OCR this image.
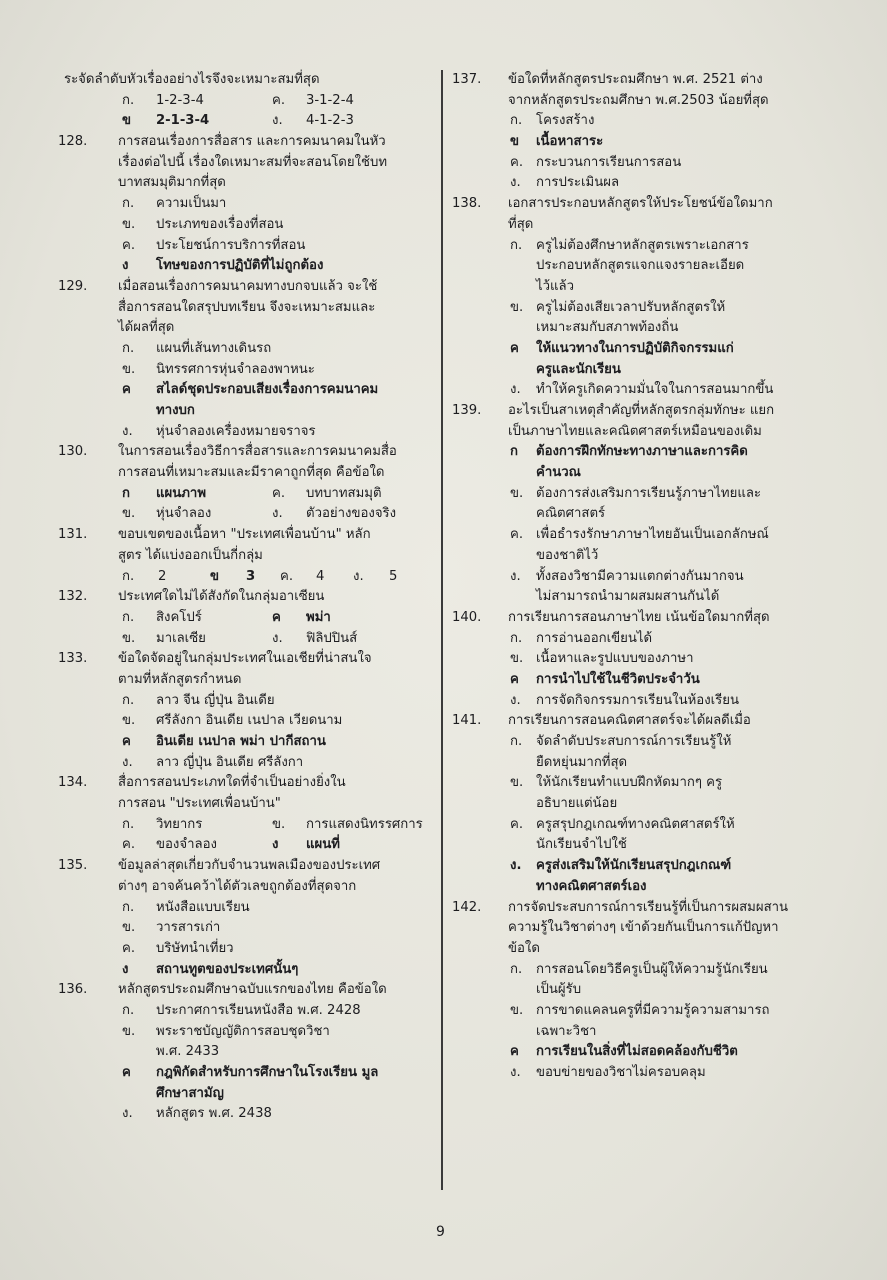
ระจัดลำดับหัวเรื่องอย่างไรจึงจะเหมาะสมที่สุด
ก. 1-2-3-4	ค. 3-1-2-4
ข 2-1-3-4	ง. 4-1-2-3
128. การสอนเรื่องการสื่อสาร และการคมนาคมในหัว
เรื่องต่อไปนี้ เรื่องใดเหมาะสมที่จะสอนโดยใช้บท
บาทสมมุติมากที่สุด
ก. ความเป็นมา
ข. ประเภทของเรื่องที่สอน
ค. ประโยชน์การบริการที่สอน
ง โทษของการปฏิบัติที่ไม่ถูกต้อง
129. เมื่อสอนเรื่องการคมนาคมทางบกจบแล้ว จะใช้
สื่อการสอนใดสรุปบทเรียน จึงจะเหมาะสมและ
ได้ผลที่สุด
ก. แผนที่เส้นทางเดินรถ
ข. นิทรรศการหุ่นจำลองพาหนะ
ค สไลด์ชุดประกอบเสียงเรื่องการคมนาคม
ทางบก
ง. หุ่นจำลองเครื่องหมายจราจร
130. ในการสอนเรื่องวิธีการสื่อสารและการคมนาคมสื่อ
การสอนที่เหมาะสมและมีราคาถูกที่สุด คือข้อใด
ก แผนภาพ	ค. บทบาทสมมุติ
ข. หุ่นจำลอง	ง. ตัวอย่างของจริง
131. ขอบเขตของเนื้อหา "ประเทศเพื่อนบ้าน" หลัก
สูตร ได้แบ่งออกเป็นกี่กลุ่ม
ก. 2	ข 3 ค. 4 ง. 5
132. ประเทศใดไม่ได้สังกัดในกลุ่มอาเซียน
ก. สิงคโปร์	ค พม่า
ข. มาเลเซีย	ง. ฟิลิปปินส์
133. ข้อใดจัดอยู่ในกลุ่มประเทศในเอเชียที่น่าสนใจ
ตามที่หลักสูตรกำหนด
ก. ลาว จีน ญี่ปุ่น อินเดีย
ข. ศรีลังกา อินเดีย เนปาล เวียดนาม
ค อินเดีย เนปาล พม่า ปากีสถาน
ง. ลาว ญี่ปุ่น อินเดีย ศรีลังกา
134. สื่อการสอนประเภทใดที่จำเป็นอย่างยิ่งใน
การสอน "ประเทศเพื่อนบ้าน"
ก. วิทยากร	ข. การแสดงนิทรรศการ
ค. ของจำลอง	ง แผนที่
135. ข้อมูลล่าสุดเกี่ยวกับจำนวนพลเมืองของประเทศ
ต่างๆ อาจค้นคว้าได้ตัวเลขถูกต้องที่สุดจาก
ก. หนังสือแบบเรียน
ข. วารสารเก่า
ค. บริษัทนำเที่ยว
ง สถานทูตของประเทศนั้นๆ
136. หลักสูตรประถมศึกษาฉบับแรกของไทย คือข้อใด
ก. ประกาศการเรียนหนังสือ พ.ศ. 2428
ข. พระราชบัญญัติการสอบชุดวิชา
พ.ศ. 2433
ค กฎพิกัดสำหรับการศึกษาในโรงเรียน มูล
ศึกษาสามัญ
ง. หลักสูตร พ.ศ. 2438
137. ข้อใดที่หลักสูตรประถมศึกษา พ.ศ. 2521 ต่าง
จากหลักสูตรประถมศึกษา พ.ศ.2503 น้อยที่สุด
ก. โครงสร้าง
ข เนื้อหาสาระ
ค. กระบวนการเรียนการสอน
ง. การประเมินผล
138. เอกสารประกอบหลักสูตรให้ประโยชน์ข้อใดมาก
ที่สุด
ก. ครูไม่ต้องศึกษาหลักสูตรเพราะเอกสาร
ประกอบหลักสูตรแจกแจงรายละเอียด
ไว้แล้ว
ข. ครูไม่ต้องเสียเวลาปรับหลักสูตรให้
เหมาะสมกับสภาพท้องถิ่น
ค ให้แนวทางในการปฏิบัติกิจกรรมแก่
ครูและนักเรียน
ง. ทำให้ครูเกิดความมั่นใจในการสอนมากขึ้น
139. อะไรเป็นสาเหตุสำคัญที่หลักสูตรกลุ่มทักษะ แยก
เป็นภาษาไทยและคณิตศาสตร์เหมือนของเดิม
ก ต้องการฝึกทักษะทางภาษาและการคิด
คำนวณ
ข. ต้องการส่งเสริมการเรียนรู้ภาษาไทยและ
คณิตศาสตร์
ค. เพื่อธำรงรักษาภาษาไทยอันเป็นเอกลักษณ์
ของชาติไว้
ง. ทั้งสองวิชามีความแตกต่างกันมากจน
ไม่สามารถนำมาผสมผสานกันได้
140. การเรียนการสอนภาษาไทย เน้นข้อใดมากที่สุด
ก. การอ่านออกเขียนได้
ข. เนื้อหาและรูปแบบของภาษา
ค การนำไปใช้ในชีวิตประจำวัน
ง. การจัดกิจกรรมการเรียนในห้องเรียน
141. การเรียนการสอนคณิตศาสตร์จะได้ผลดีเมื่อ
ก. จัดลำดับประสบการณ์การเรียนรู้ให้
ยืดหยุ่นมากที่สุด
ข. ให้นักเรียนทำแบบฝึกหัดมากๆ ครู
อธิบายแต่น้อย
ค. ครูสรุปกฎเกณฑ์ทางคณิตศาสตร์ให้
นักเรียนจำไปใช้
ง. ครูส่งเสริมให้นักเรียนสรุปกฎเกณฑ์
ทางคณิตศาสตร์เอง
142. การจัดประสบการณ์การเรียนรู้ที่เป็นการผสมผสาน
ความรู้ในวิชาต่างๆ เข้าด้วยกันเป็นการแก้ปัญหา
ข้อใด
ก. การสอนโดยวิธีครูเป็นผู้ให้ความรู้นักเรียน
เป็นผู้รับ
ข. การขาดแคลนครูที่มีความรู้ความสามารถ
เฉพาะวิชา
ค การเรียนในสิ่งที่ไม่สอดคล้องกับชีวิต
ง. ขอบข่ายของวิชาไม่ครอบคลุม
9
